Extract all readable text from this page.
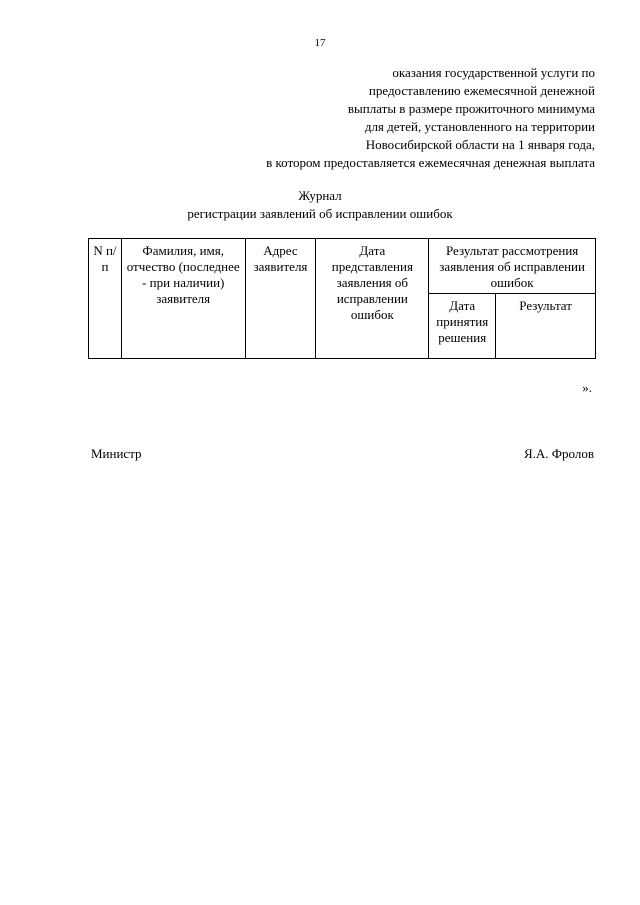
17
оказания государственной услуги по
предоставлению ежемесячной денежной
выплаты в размере прожиточного минимума
для детей, установленного на территории
Новосибирской области на 1 января года,
в котором предоставляется ежемесячная денежная выплата
Журнал
регистрации заявлений об исправлении ошибок
N п/п	Фамилия, имя, отчество (последнее - при наличии) заявителя	Адрес заявителя	Дата представления заявления об исправлении ошибок	Результат рассмотрения заявления об исправлении ошибок	
				Дата принятия решения	Результат
».
Министр	Я.А. Фролов
